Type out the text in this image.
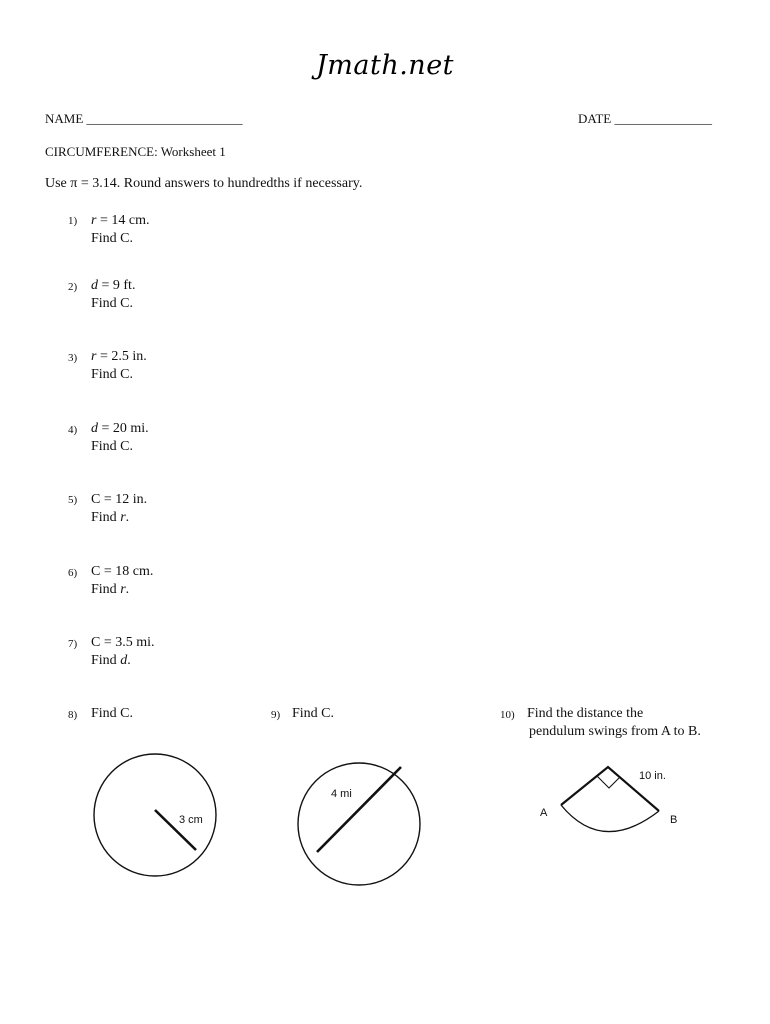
Jmath.net
NAME ________________________	DATE _______________
CIRCUMFERENCE: Worksheet 1
Use π = 3.14. Round answers to hundredths if necessary.
1) r = 14 cm.
Find C.
2) d = 9 ft.
Find C.
3) r = 2.5 in.
Find C.
4) d = 20 mi.
Find C.
5) C = 12 in.
Find r.
6) C = 18 cm.
Find r.
7) C = 3.5 mi.
Find d.
8) Find C.
3 cm
9) Find C.
4 mi
10) Find the distance the
pendulum swings from A to B.
10 in.
A
B
